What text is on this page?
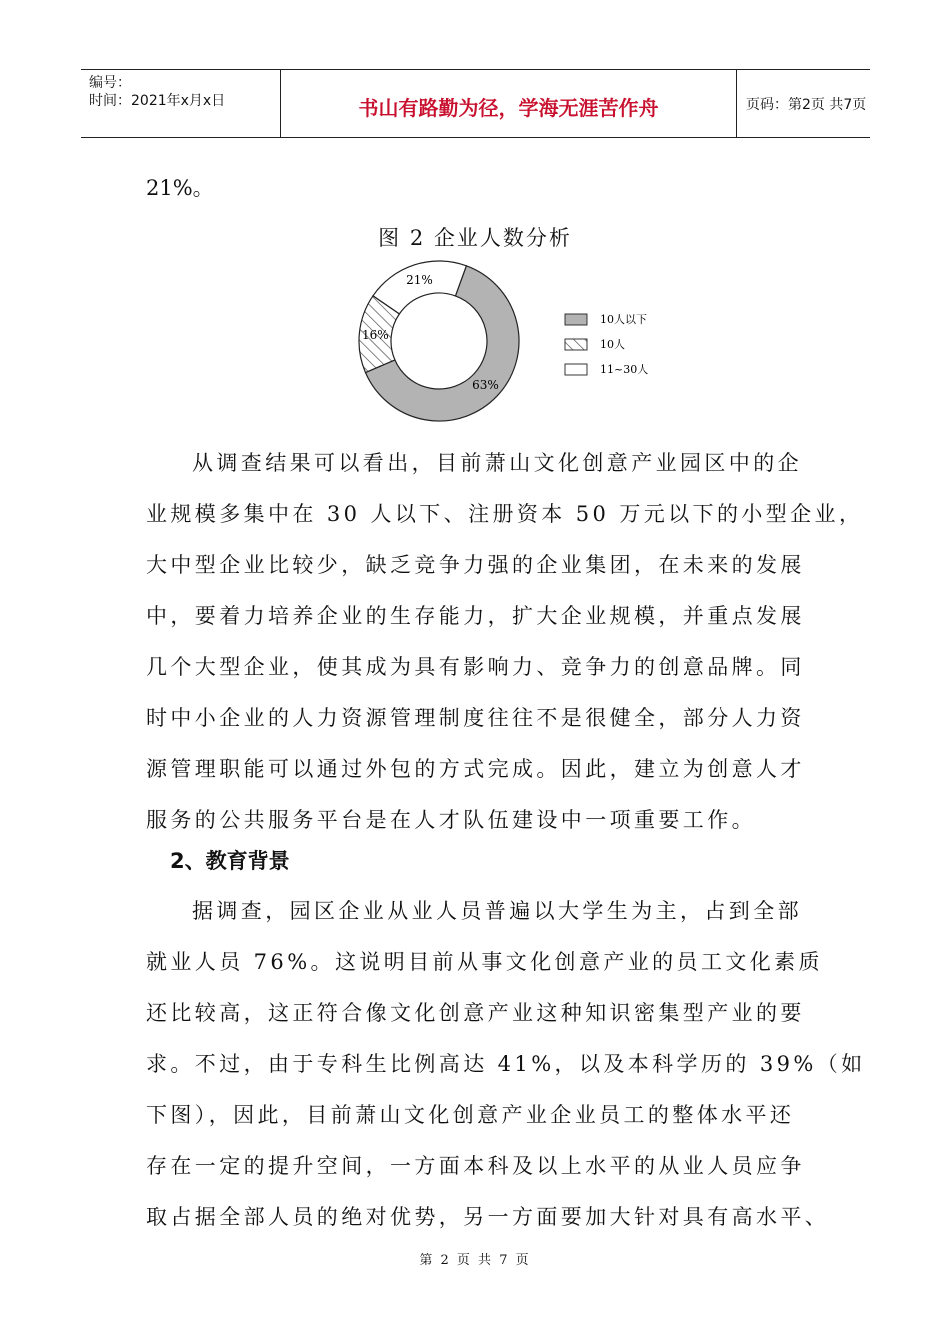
编号：
时间：2021年x月x日	书山有路勤为径，学海无涯苦作舟	页码：第2页 共7页
21%。
图 2 企业人数分析
63%
16%
21%
10人以下
10人
11~30人
从调查结果可以看出，目前萧山文化创意产业园区中的企
业规模多集中在 30 人以下、注册资本 50 万元以下的小型企业，
大中型企业比较少，缺乏竞争力强的企业集团，在未来的发展
中，要着力培养企业的生存能力，扩大企业规模，并重点发展
几个大型企业，使其成为具有影响力、竞争力的创意品牌。同
时中小企业的人力资源管理制度往往不是很健全，部分人力资
源管理职能可以通过外包的方式完成。因此，建立为创意人才
服务的公共服务平台是在人才队伍建设中一项重要工作。
2、教育背景
据调查，园区企业从业人员普遍以大学生为主，占到全部
就业人员 76%。这说明目前从事文化创意产业的员工文化素质
还比较高，这正符合像文化创意产业这种知识密集型产业的要
求。不过，由于专科生比例高达 41%，以及本科学历的 39%（如
下图），因此，目前萧山文化创意产业企业员工的整体水平还
存在一定的提升空间，一方面本科及以上水平的从业人员应争
取占据全部人员的绝对优势，另一方面要加大针对具有高水平、
第 2 页 共 7 页
